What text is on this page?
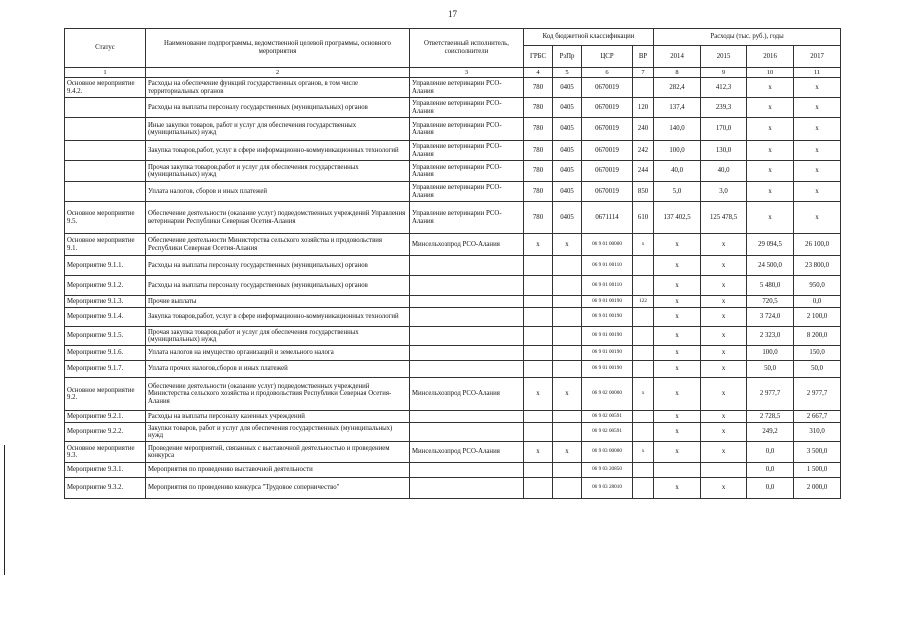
17
Статус	Наименование подпрограммы, ведомственной целевой программы, основного мероприятия	Ответственный исполнитель, соисполнители	Код бюджетной классификации				Расходы (тыс. руб.), годы			
			ГРБС	РзПр	ЦСР	ВР	2014	2015	2016	2017
1	2	3	4	5	6	7	8	9	10	11
Основное мероприятие 9.4.2.	Расходы на обеспечение функций государственных органов, в том числе территориальных органов	Управление ветеринарии РСО-Алания	780	0405	0670019		282,4	412,3	x	x
	Расходы на выплаты персоналу государственных (муниципальных) органов	Управление ветеринарии РСО-Алания	780	0405	0670019	120	137,4	239,3	x	x
	Иные закупки товаров, работ и услуг для обеспечения государственных (муниципальных) нужд	Управление ветеринарии РСО-Алания	780	0405	0670019	240	140,0	170,0	x	x
	Закупка товаров,работ, услуг в сфере информационно-коммуникационных технологий	Управление ветеринарии РСО-Алания	780	0405	0670019	242	100,0	130,0	x	x
	Прочая закупка товаров,работ и услуг для обеспечения государственных (муниципальных) нужд	Управление ветеринарии РСО-Алания	780	0405	0670019	244	40,0	40,0	x	x
	Уплата налогов, сборов и иных платежей	Управление ветеринарии РСО-Алания	780	0405	0670019	850	5,0	3,0	x	x
Основное мероприятие 9.5.	Обеспечение деятельности (оказание услуг) подведомственных учреждений Управления ветеринарии Республики Северная Осетия-Алания	Управление ветеринарии РСО-Алания	780	0405	0671114	610	137 402,5	125 478,5	x	x
Основное мероприятие 9.1.	Обеспечение деятельности Министерства сельского хозяйства и продовольствия Республики Северная Осетия-Алания	Минсельхозпрод РСО-Алания	x	x	06 9 01 00000	x	x	x	29 094,5	26 100,0
Мероприятие 9.1.1.	Расходы на выплаты персоналу государственных (муниципальных) органов				06 9 01 00110		x	x	24 500,0	23 800,0
Мероприятие 9.1.2.	Расходы на выплаты персоналу государственных (муниципальных) органов				06 9 01 00110		x	x	5 480,0	950,0
Мероприятие 9.1.3.	Прочие выплаты				06 9 01 00190	122	x	x	720,5	0,0
Мероприятие 9.1.4.	Закупка товаров,работ, услуг в сфере информационно-коммуникационных технологий				06 9 01 00190		x	x	3 724,0	2 100,0
Мероприятие 9.1.5.	Прочая закупка товаров,работ и услуг для обеспечения государственных (муниципальных) нужд				06 9 01 00190		x	x	2 323,0	8 200,0
Мероприятие 9.1.6.	Уплата налогов на имущество организаций и земельного налога				06 9 01 00190		x	x	100,0	150,0
Мероприятие 9.1.7.	Уплата прочих налогов,сборов и иных платежей				06 9 01 00190		x	x	50,0	50,0
Основное мероприятие 9.2.	Обеспечение деятельности (оказание услуг) подведомственных учреждений Министерства сельского хозяйства и продовольствия Республики Северная Осетия-Алания	Минсельхозпрод РСО-Алания	x	x	06 9 02 00000	x	x	x	2 977,7	2 977,7
Мероприятие 9.2.1.	Расходы на выплаты персоналу казенных учреждений				06 9 02 00591		x	x	2 728,5	2 667,7
Мероприятие 9.2.2.	Закупки товаров, работ и услуг для обеспечения государственных (муниципальных) нужд				06 9 02 00591		x	x	249,2	310,0
Основное мероприятие 9.3.	Проведение мероприятий, связанных с выставочной деятельностью и проведением конкурса	Минсельхозпрод РСО-Алания	x	x	06 9 03 00000	x	x	x	0,0	3 500,0
Мероприятие 9.3.1.	Мероприятия по проведению выставочной деятельности				06 9 03 20850				0,0	1 500,0
Мероприятие 9.3.2.	Мероприятия по проведению конкурса "Трудовое соперничество"				06 9 03 28010		x	x	0,0	2 000,0
